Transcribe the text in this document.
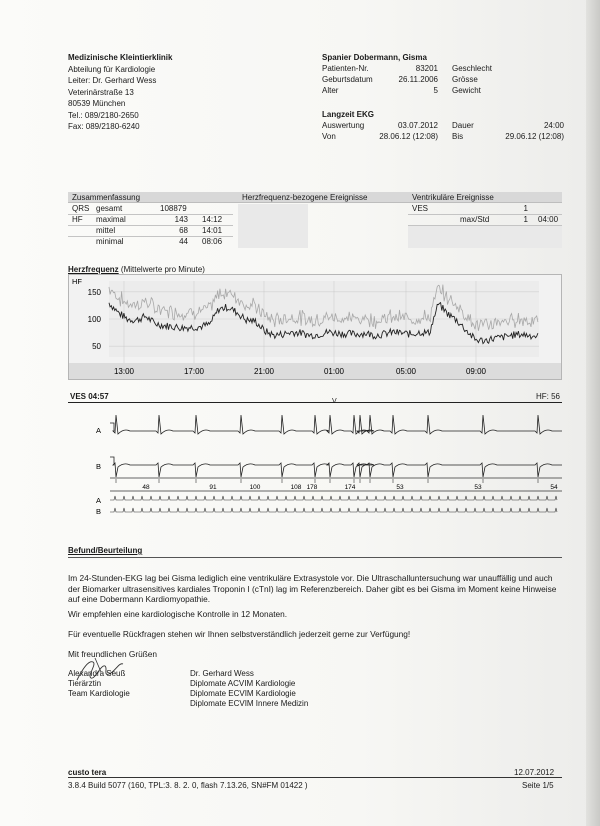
Medizinische Kleintierklinik
Abteilung für Kardiologie
Leiter: Dr. Gerhard Wess
Veterinärstraße 13
80539 München
Tel.: 089/2180-2650
Fax: 089/2180-6240
Spanier Dobermann, Gisma
Patienten-Nr.	83201 Geschlecht
Geburtsdatum	26.11.2006 Grösse
Alter	5 Gewicht
Langzeit EKG
Auswertung	03.07.2012 Dauer	24:00
Von	28.06.12 (12:08) Bis	29.06.12 (12:08)
Zusammenfassung	Herzfrequenz-bezogene Ereignisse	Ventrikuläre Ereignisse
QRS gesamt	108879
HF maximal	143 14:12
mittel	68 14:01
minimal	44 08:06
VES	1
max/Std	1 04:00
Herzfrequenz (Mittelwerte pro Minute)
150
100
50
13:00	17:00	21:00	01:00	05:00	09:00
HF
VES 04:57
V
HF: 56
A
B
48	91	100	108 178	174	53	53	54
A
B
Befund/Beurteilung
Im 24-Stunden-EKG lag bei Gisma lediglich eine ventrikuläre Extrasystole vor. Die Ultraschalluntersuchung war unauffällig und auch der Biomarker ultrasensitives kardiales Troponin I (cTnI) lag im Referenzbereich. Daher gibt es bei Gisma im Moment keine Hinweise auf eine Dobermann Kardiomyopathie.
Wir empfehlen eine kardiologische Kontrolle in 12 Monaten.
Für eventuelle Rückfragen stehen wir Ihnen selbstverständlich jederzeit gerne zur Verfügung!
Mit freundlichen Grüßen
Alexandra Seuß
Tierärztin
Team Kardiologie
Dr. Gerhard Wess
Diplomate ACVIM Kardiologie
Diplomate ECVIM Kardiologie
Diplomate ECVIM Innere Medizin
custo tera	12.07.2012
3.8.4 Build 5077 (160, TPL:3. 8. 2. 0, flash 7.13.26, SN#FM 01422 )	Seite 1/5
